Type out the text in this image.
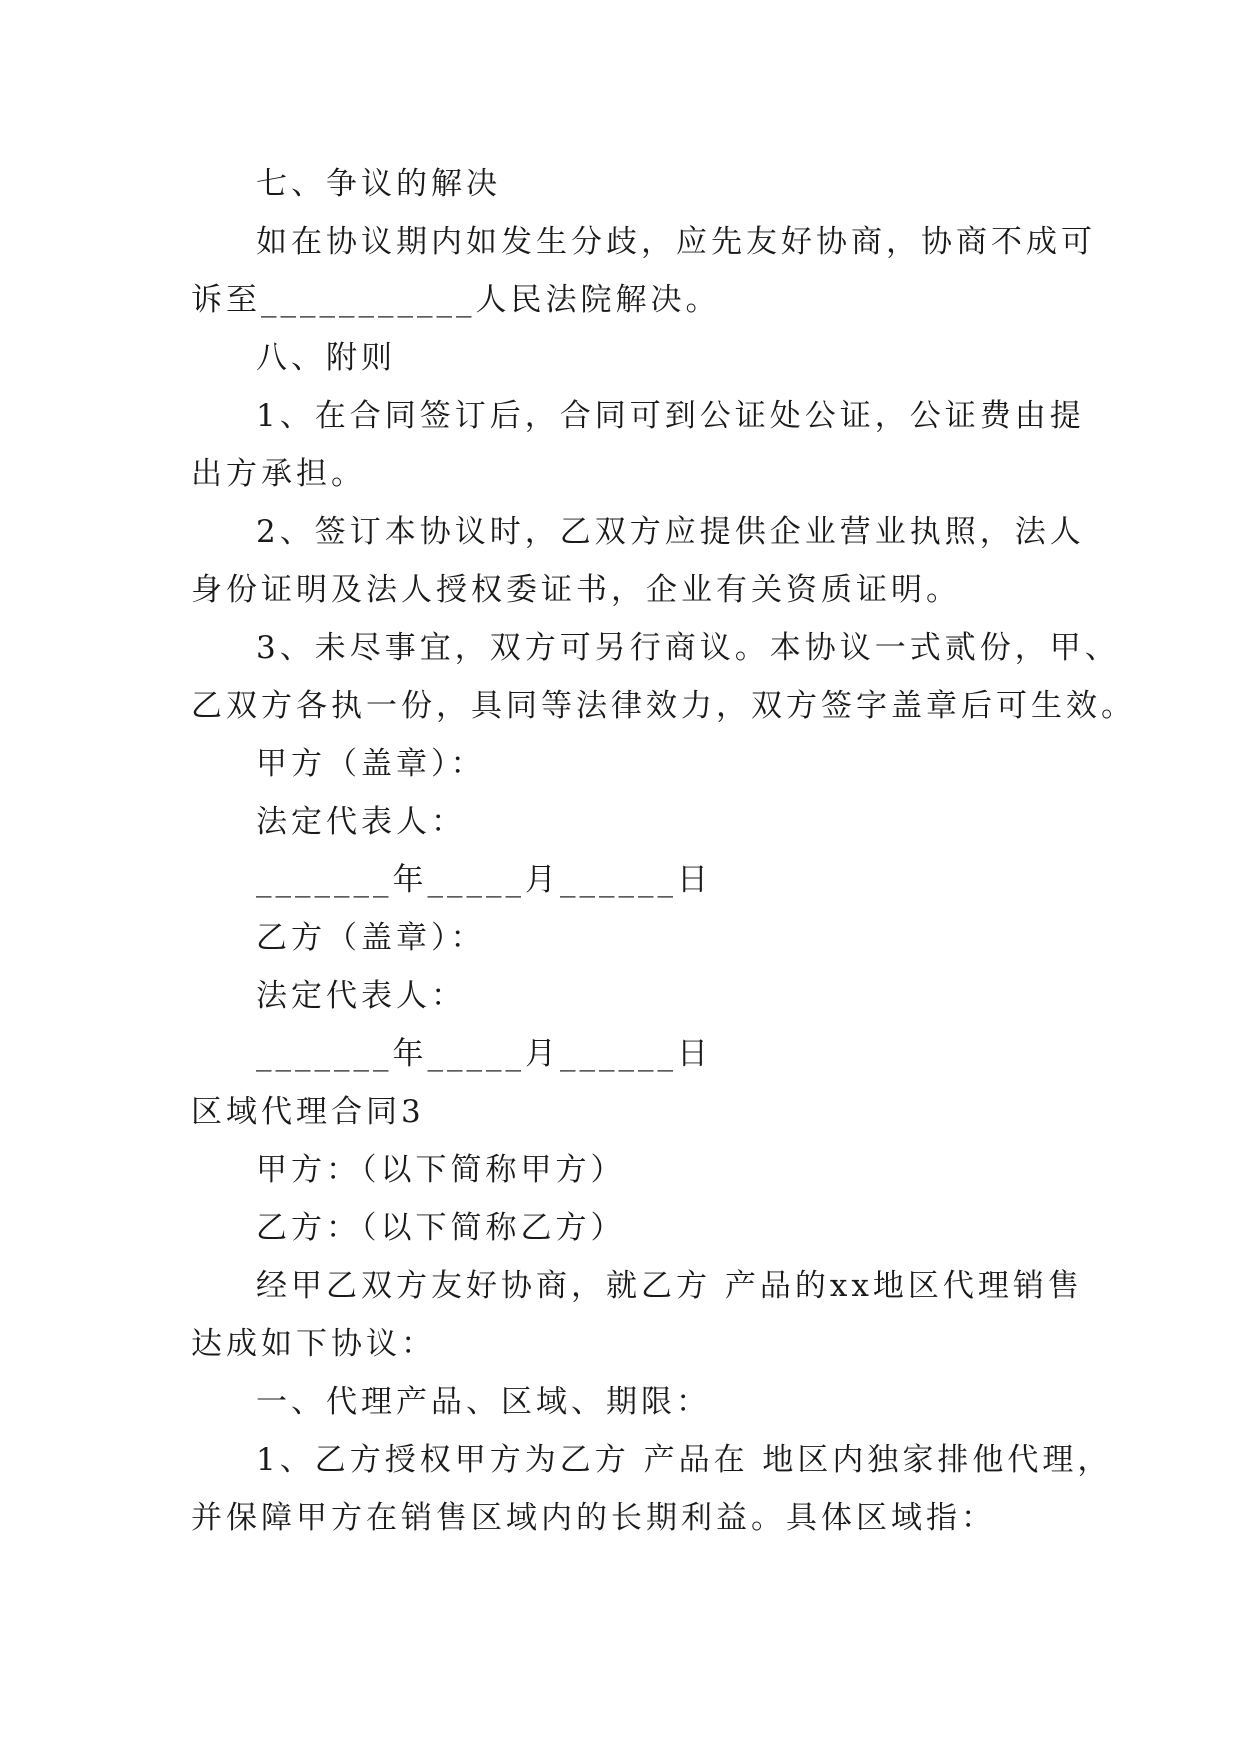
七、争议的解决
如在协议期内如发生分歧，应先友好协商，协商不成可
诉至___________人民法院解决。
八、附则
1、在合同签订后，合同可到公证处公证，公证费由提
出方承担。
2、签订本协议时，乙双方应提供企业营业执照，法人
身份证明及法人授权委证书，企业有关资质证明。
3、未尽事宜，双方可另行商议。本协议一式贰份，甲、
乙双方各执一份，具同等法律效力，双方签字盖章后可生效。
甲方（盖章）：
法定代表人：
_______年_____月______日
乙方（盖章）：
法定代表人：
_______年_____月______日
区域代理合同3
甲方：（以下简称甲方）
乙方：（以下简称乙方）
经甲乙双方友好协商，就乙方 产品的xx地区代理销售
达成如下协议：
一、代理产品、区域、期限：
1、乙方授权甲方为乙方 产品在 地区内独家排他代理，
并保障甲方在销售区域内的长期利益。具体区域指：
